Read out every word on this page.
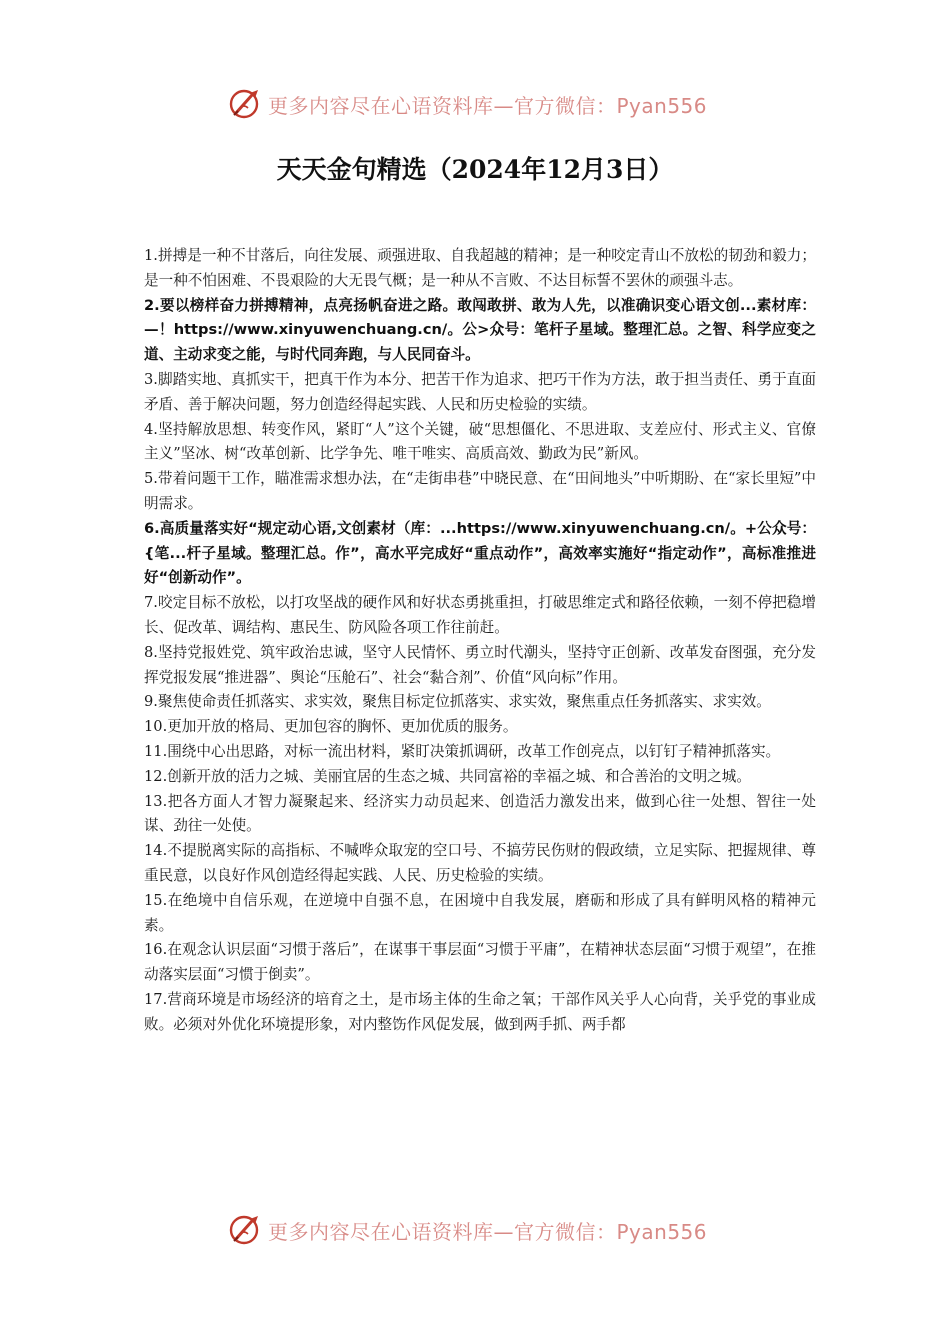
更多内容尽在心语资料库—官方微信：Pyan556
天天金句精选（2024年12月3日）

1.拼搏是一种不甘落后，向往发展、顽强进取、自我超越的精神；是一种咬定青山不放松的韧劲和毅力；是一种不怕困难、不畏艰险的大无畏气概；是一种从不言败、不达目标誓不罢休的顽强斗志。

2.要以榜样奋力拼搏精神，点亮扬帆奋进之路。敢闯敢拼、敢为人先，以准确识变心语文创...素材库：—！https://www.xinyuwenchuang.cn/。公>众号：笔杆子星域。整理汇总。之智、科学应变之道、主动求变之能，与时代同奔跑，与人民同奋斗。

3.脚踏实地、真抓实干，把真干作为本分、把苦干作为追求、把巧干作为方法，敢于担当责任、勇于直面矛盾、善于解决问题，努力创造经得起实践、人民和历史检验的实绩。

4.坚持解放思想、转变作风，紧盯“人”这个关键，破“思想僵化、不思进取、支差应付、形式主义、官僚主义”坚冰、树“改革创新、比学争先、唯干唯实、高质高效、勤政为民”新风。

5.带着问题干工作，瞄准需求想办法，在“走街串巷”中晓民意、在“田间地头”中听期盼、在“家长里短”中明需求。

6.高质量落实好“规定动心语,文创素材（库：...https://www.xinyuwenchuang.cn/。+公众号：{笔...杆子星域。整理汇总。作”，高水平完成好“重点动作”，高效率实施好“指定动作”，高标准推进好“创新动作”。

7.咬定目标不放松，以打攻坚战的硬作风和好状态勇挑重担，打破思维定式和路径依赖，一刻不停把稳增长、促改革、调结构、惠民生、防风险各项工作往前赶。

8.坚持党报姓党、筑牢政治忠诚，坚守人民情怀、勇立时代潮头，坚持守正创新、改革发奋图强，充分发挥党报发展“推进器”、舆论“压舱石”、社会“黏合剂”、价值“风向标”作用。

9.聚焦使命责任抓落实、求实效，聚焦目标定位抓落实、求实效，聚焦重点任务抓落实、求实效。

10.更加开放的格局、更加包容的胸怀、更加优质的服务。

11.围绕中心出思路，对标一流出材料，紧盯决策抓调研，改革工作创亮点，以钉钉子精神抓落实。

12.创新开放的活力之城、美丽宜居的生态之城、共同富裕的幸福之城、和合善治的文明之城。

13.把各方面人才智力凝聚起来、经济实力动员起来、创造活力激发出来，做到心往一处想、智往一处谋、劲往一处使。

14.不提脱离实际的高指标、不喊哗众取宠的空口号、不搞劳民伤财的假政绩，立足实际、把握规律、尊重民意，以良好作风创造经得起实践、人民、历史检验的实绩。

15.在绝境中自信乐观，在逆境中自强不息，在困境中自我发展，磨砺和形成了具有鲜明风格的精神元素。

16.在观念认识层面“习惯于落后”，在谋事干事层面“习惯于平庸”，在精神状态层面“习惯于观望”，在推动落实层面“习惯于倒卖”。

17.营商环境是市场经济的培育之土，是市场主体的生命之氧；干部作风关乎人心向背，关乎党的事业成败。必须对外优化环境提形象，对内整饬作风促发展，做到两手抓、两手都

更多内容尽在心语资料库—官方微信：Pyan556
